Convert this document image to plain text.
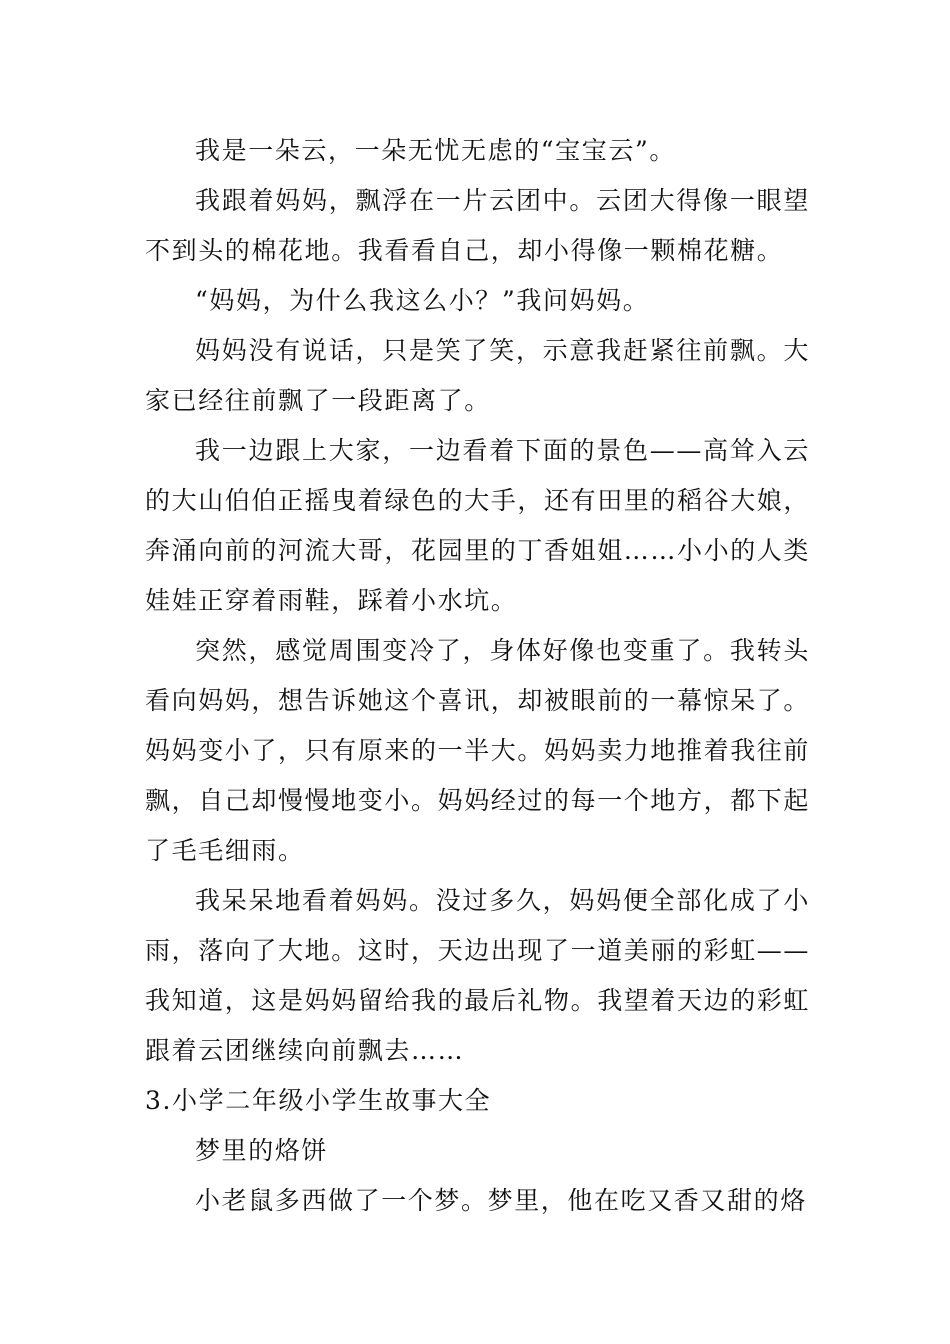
我是一朵云，一朵无忧无虑的“宝宝云”。

我跟着妈妈，飘浮在一片云团中。云团大得像一眼望不到头的棉花地。我看看自己，却小得像一颗棉花糖。

“妈妈，为什么我这么小？”我问妈妈。

妈妈没有说话，只是笑了笑，示意我赶紧往前飘。大家已经往前飘了一段距离了。

我一边跟上大家，一边看着下面的景色——高耸入云的大山伯伯正摇曳着绿色的大手，还有田里的稻谷大娘，奔涌向前的河流大哥，花园里的丁香姐姐……小小的人类娃娃正穿着雨鞋，踩着小水坑。

突然，感觉周围变冷了，身体好像也变重了。我转头看向妈妈，想告诉她这个喜讯，却被眼前的一幕惊呆了。妈妈变小了，只有原来的一半大。妈妈卖力地推着我往前飘，自己却慢慢地变小。妈妈经过的每一个地方，都下起了毛毛细雨。

我呆呆地看着妈妈。没过多久，妈妈便全部化成了小雨，落向了大地。这时，天边出现了一道美丽的彩虹——我知道，这是妈妈留给我的最后礼物。我望着天边的彩虹跟着云团继续向前飘去……

3.小学二年级小学生故事大全

梦里的烙饼

小老鼠多西做了一个梦。梦里，他在吃又香又甜的烙
